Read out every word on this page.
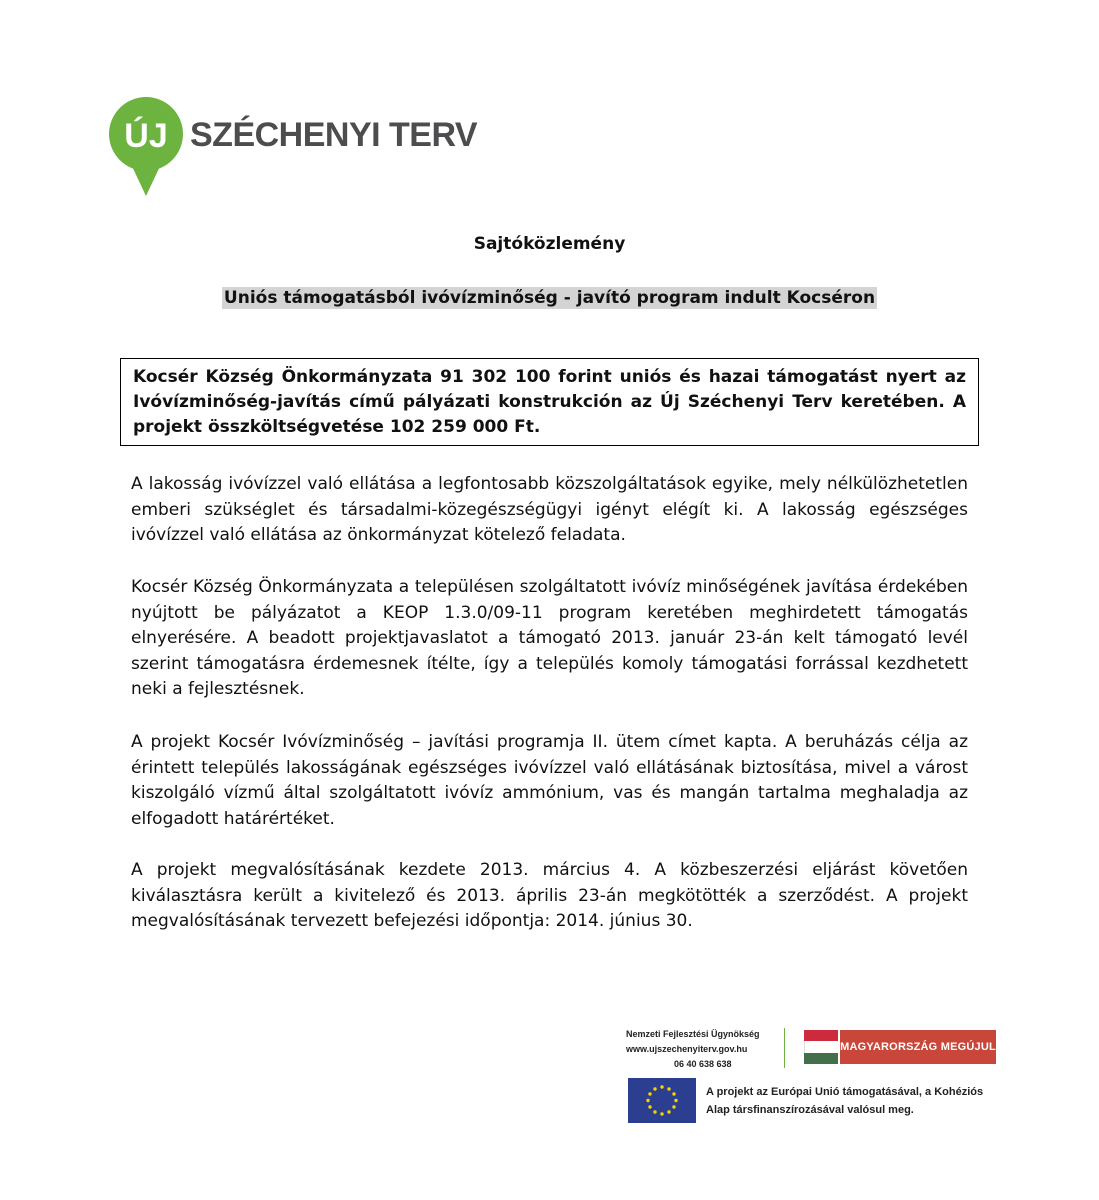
ÚJ SZÉCHENYI TERV
Sajtóközlemény
Uniós támogatásból ivóvízminőség - javító program indult Kocséron
Kocsér Község Önkormányzata 91 302 100 forint uniós és hazai támogatást nyert az Ivóvízminőség-javítás című pályázati konstrukción az Új Széchenyi Terv keretében. A projekt összköltségvetése 102 259 000 Ft.
A lakosság ivóvízzel való ellátása a legfontosabb közszolgáltatások egyike, mely nélkülözhetetlen emberi szükséglet és társadalmi-közegészségügyi igényt elégít ki. A lakosság egészséges ivóvízzel való ellátása az önkormányzat kötelező feladata.
Kocsér Község Önkormányzata a településen szolgáltatott ivóvíz minőségének javítása érdekében nyújtott be pályázatot a KEOP 1.3.0/09-11 program keretében meghirdetett támogatás elnyerésére. A beadott projektjavaslatot a támogató 2013. január 23-án kelt támogató levél szerint támogatásra érdemesnek ítélte, így a település komoly támogatási forrással kezdhetett neki a fejlesztésnek.
A projekt Kocsér Ivóvízminőség – javítási programja II. ütem címet kapta. A beruházás célja az érintett település lakosságának egészséges ivóvízzel való ellátásának biztosítása, mivel a várost kiszolgáló vízmű által szolgáltatott ivóvíz ammónium, vas és mangán tartalma meghaladja az elfogadott határértéket.
A projekt megvalósításának kezdete 2013. március 4. A közbeszerzési eljárást követően kiválasztásra került a kivitelező és 2013. április 23-án megkötötték a szerződést. A projekt megvalósításának tervezett befejezési időpontja: 2014. június 30.
Nemzeti Fejlesztési Ügynökség
www.ujszechenyiterv.gov.hu
06 40 638 638
MAGYARORSZÁG MEGÚJUL
A projekt az Európai Unió támogatásával, a Kohéziós
Alap társfinanszírozásával valósul meg.
